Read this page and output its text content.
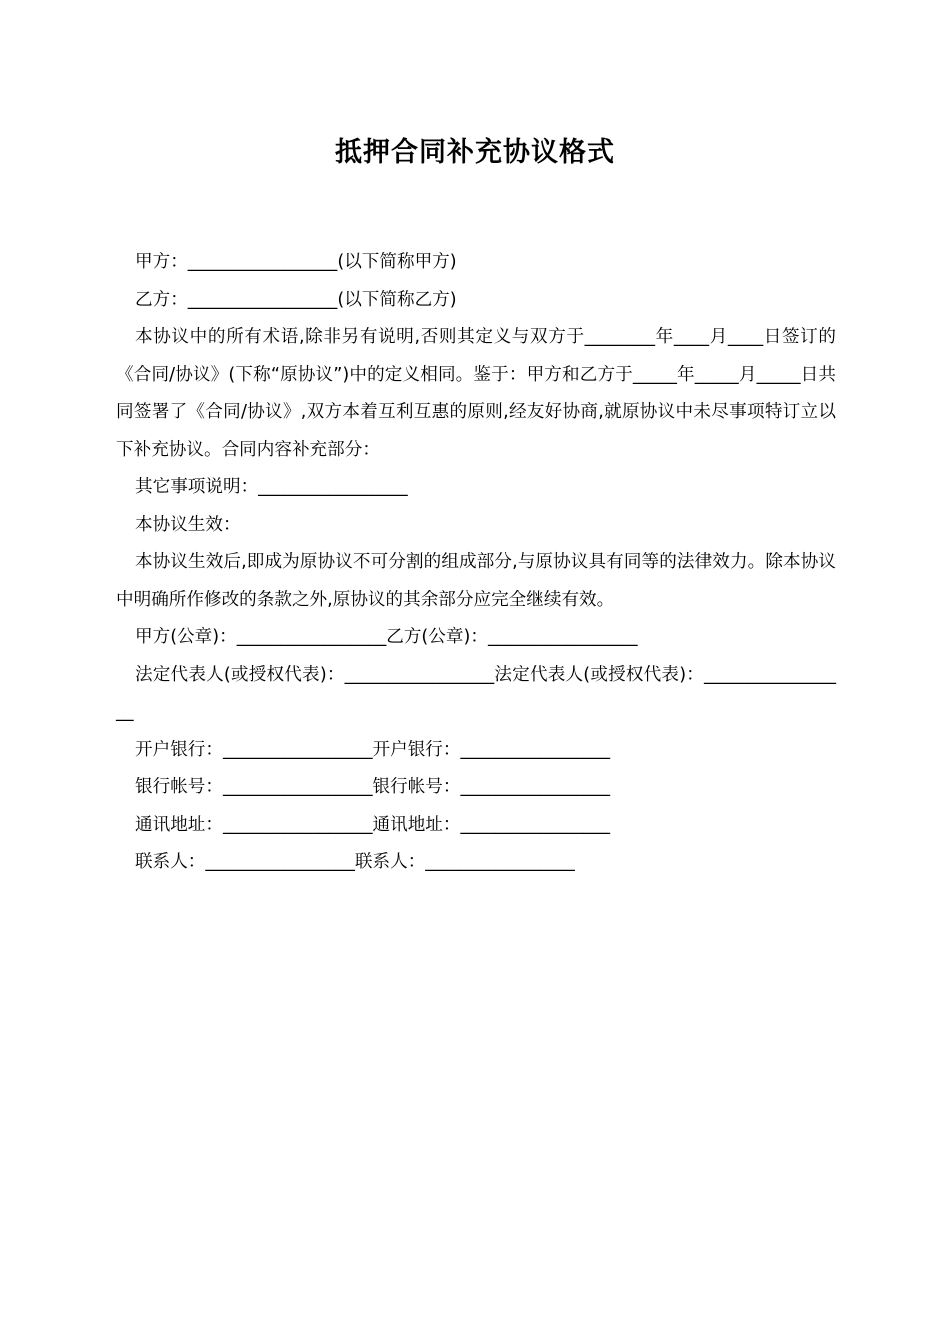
抵押合同补充协议格式

甲方：_________________(以下简称甲方)

乙方：_________________(以下简称乙方)

本协议中的所有术语,除非另有说明,否则其定义与双方于________年____月____日签订的《合同/协议》(下称“原协议”)中的定义相同。鉴于：甲方和乙方于_____年_____月_____日共同签署了《合同/协议》,双方本着互利互惠的原则,经友好协商,就原协议中未尽事项特订立以下补充协议。合同内容补充部分：

其它事项说明：_________________

本协议生效：

本协议生效后,即成为原协议不可分割的组成部分,与原协议具有同等的法律效力。除本协议中明确所作修改的条款之外,原协议的其余部分应完全继续有效。

甲方(公章)：_________________乙方(公章)：_________________

法定代表人(或授权代表)：_________________法定代表人(或授权代表)：_________________

开户银行：_________________开户银行：_________________

银行帐号：_________________银行帐号：_________________

通讯地址：_________________通讯地址：_________________

联系人：_________________联系人：_________________
